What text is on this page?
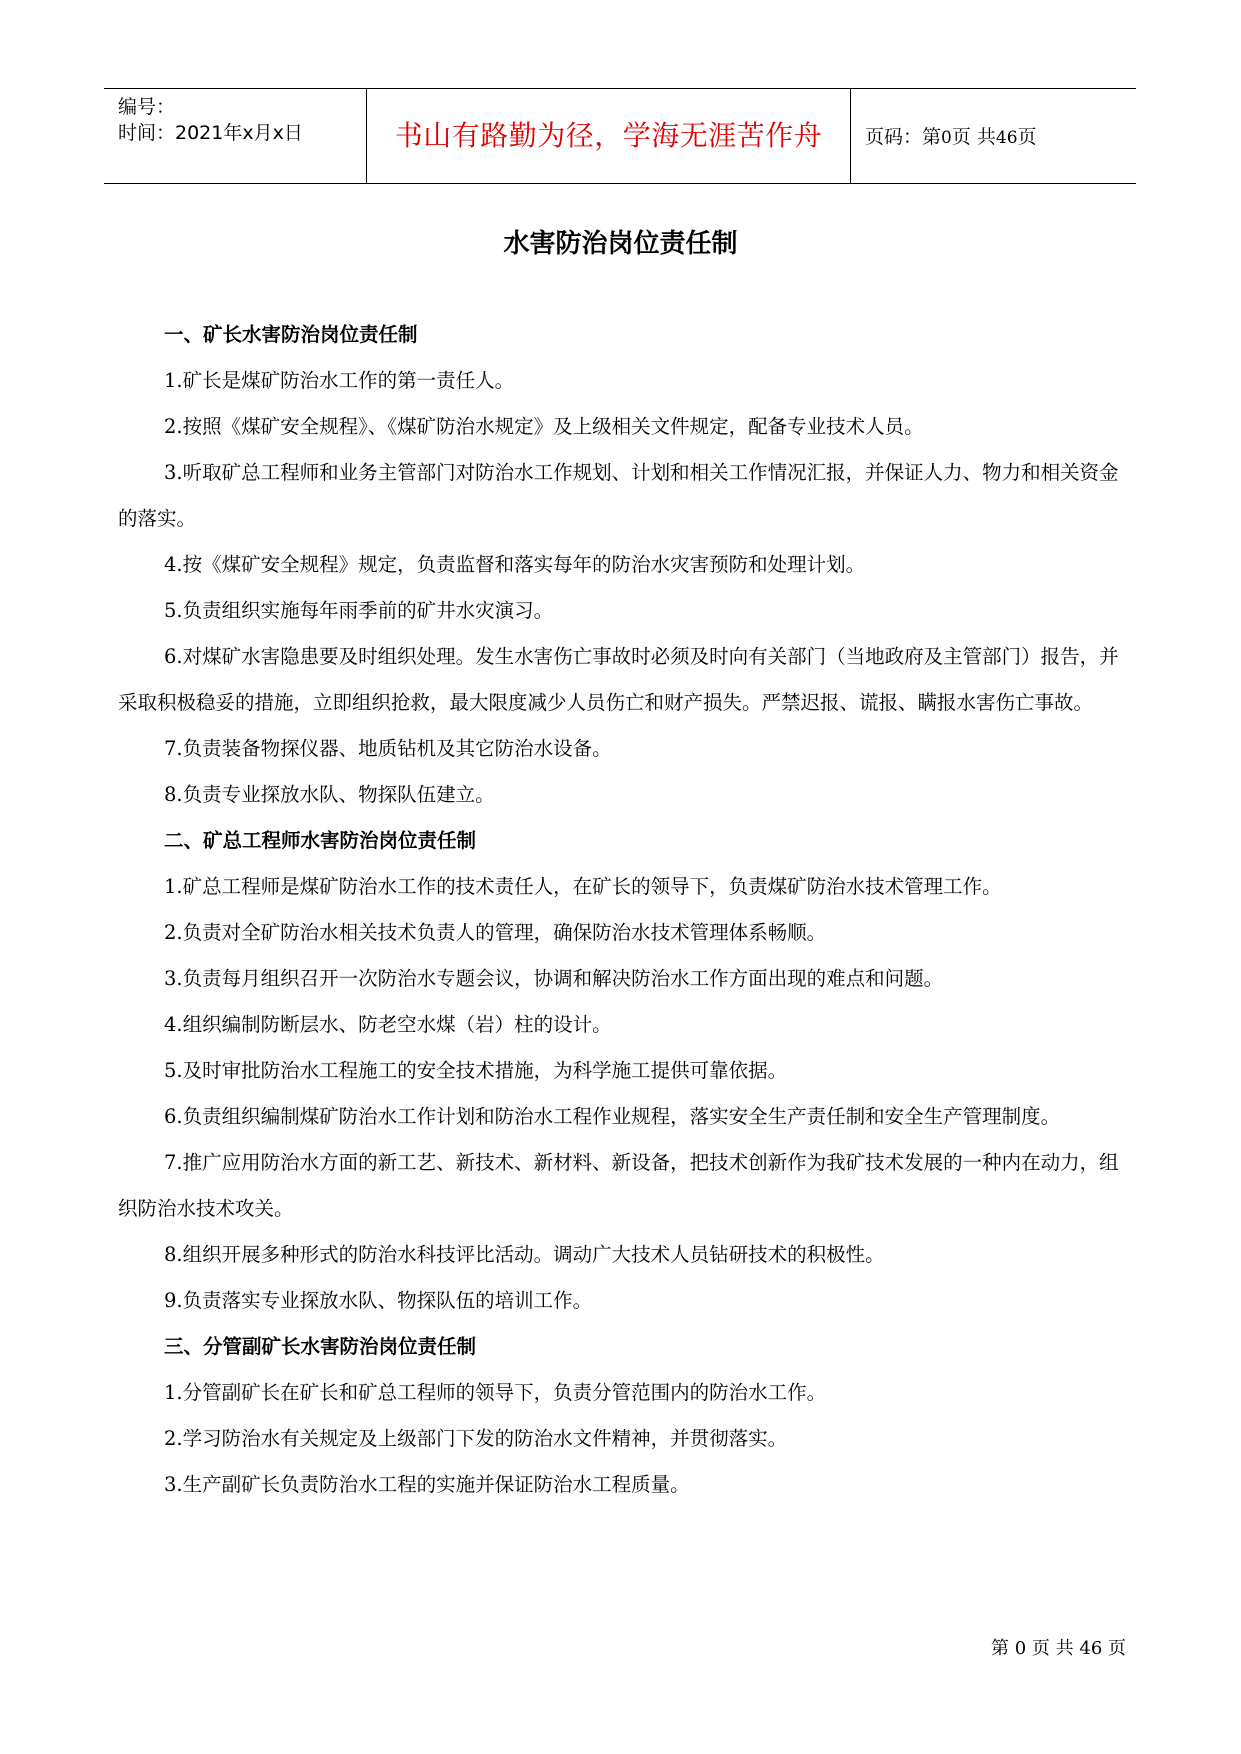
编号：
时间：2021年x月x日	书山有路勤为径，学海无涯苦作舟	页码：第0页 共46页
水害防治岗位责任制

一、矿长水害防治岗位责任制

1.矿长是煤矿防治水工作的第一责任人。

2.按照《煤矿安全规程》、《煤矿防治水规定》及上级相关文件规定，配备专业技术人员。

3.听取矿总工程师和业务主管部门对防治水工作规划、计划和相关工作情况汇报，并保证人力、物力和相关资金的落实。

4.按《煤矿安全规程》规定，负责监督和落实每年的防治水灾害预防和处理计划。

5.负责组织实施每年雨季前的矿井水灾演习。

6.对煤矿水害隐患要及时组织处理。发生水害伤亡事故时必须及时向有关部门（当地政府及主管部门）报告，并采取积极稳妥的措施，立即组织抢救，最大限度减少人员伤亡和财产损失。严禁迟报、谎报、瞒报水害伤亡事故。

7.负责装备物探仪器、地质钻机及其它防治水设备。

8.负责专业探放水队、物探队伍建立。

二、矿总工程师水害防治岗位责任制

1.矿总工程师是煤矿防治水工作的技术责任人，在矿长的领导下，负责煤矿防治水技术管理工作。

2.负责对全矿防治水相关技术负责人的管理，确保防治水技术管理体系畅顺。

3.负责每月组织召开一次防治水专题会议，协调和解决防治水工作方面出现的难点和问题。

4.组织编制防断层水、防老空水煤（岩）柱的设计。

5.及时审批防治水工程施工的安全技术措施，为科学施工提供可靠依据。

6.负责组织编制煤矿防治水工作计划和防治水工程作业规程，落实安全生产责任制和安全生产管理制度。

7.推广应用防治水方面的新工艺、新技术、新材料、新设备，把技术创新作为我矿技术发展的一种内在动力，组织防治水技术攻关。

8.组织开展多种形式的防治水科技评比活动。调动广大技术人员钻研技术的积极性。

9.负责落实专业探放水队、物探队伍的培训工作。

三、分管副矿长水害防治岗位责任制

1.分管副矿长在矿长和矿总工程师的领导下，负责分管范围内的防治水工作。

2.学习防治水有关规定及上级部门下发的防治水文件精神，并贯彻落实。

3.生产副矿长负责防治水工程的实施并保证防治水工程质量。

第 0 页 共 46 页
